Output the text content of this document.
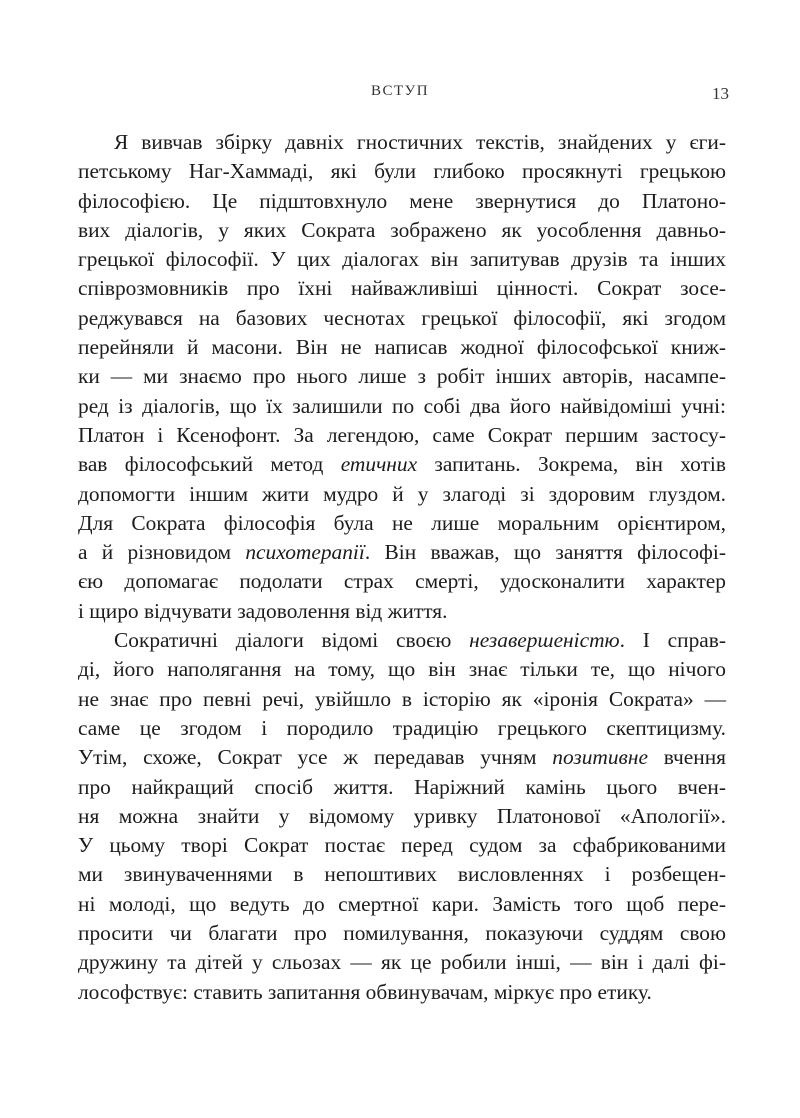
ВСТУП	13
Я вивчав збірку давніх гностичних текстів, знайдених у єги-
петському Наг-Хаммаді, які були глибоко просякнуті грецькою
філософією. Це підштовхнуло мене звернутися до Платоно-
вих діалогів, у яких Сократа зображено як уособлення давньо-
грецької філософії. У цих діалогах він запитував друзів та інших
співрозмовників про їхні найважливіші цінності. Сократ зосе-
реджувався на базових чеснотах грецької філософії, які згодом
перейняли й масони. Він не написав жодної філософської книж-
ки — ми знаємо про нього лише з робіт інших авторів, насампе-
ред із діалогів, що їх залишили по собі два його найвідоміші учні:
Платон і Ксенофонт. За легендою, саме Сократ першим застосу-
вав філософський метод етичних запитань. Зокрема, він хотів
допомогти іншим жити мудро й у злагоді зі здоровим глуздом.
Для Сократа філософія була не лише моральним орієнтиром,
а й різновидом психотерапії. Він вважав, що заняття філософі-
єю допомагає подолати страх смерті, удосконалити характер
і щиро відчувати задоволення від життя.
Сократичні діалоги відомі своєю незавершеністю. І справ-
ді, його наполягання на тому, що він знає тільки те, що нічого
не знає про певні речі, увійшло в історію як «іронія Сократа» —
саме це згодом і породило традицію грецького скептицизму.
Утім, схоже, Сократ усе ж передавав учням позитивне вчення
про найкращий спосіб життя. Наріжний камінь цього вчен-
ня можна знайти у відомому уривку Платонової «Апології».
У цьому творі Сократ постає перед судом за сфабрикованими
ми звинуваченнями в непоштивих висловленнях і розбещен-
ні молоді, що ведуть до смертної кари. Замість того щоб пере-
просити чи благати про помилування, показуючи суддям свою
дружину та дітей у сльозах — як це робили інші, — він і далі фі-
лософствує: ставить запитання обвинувачам, міркує про етику.
